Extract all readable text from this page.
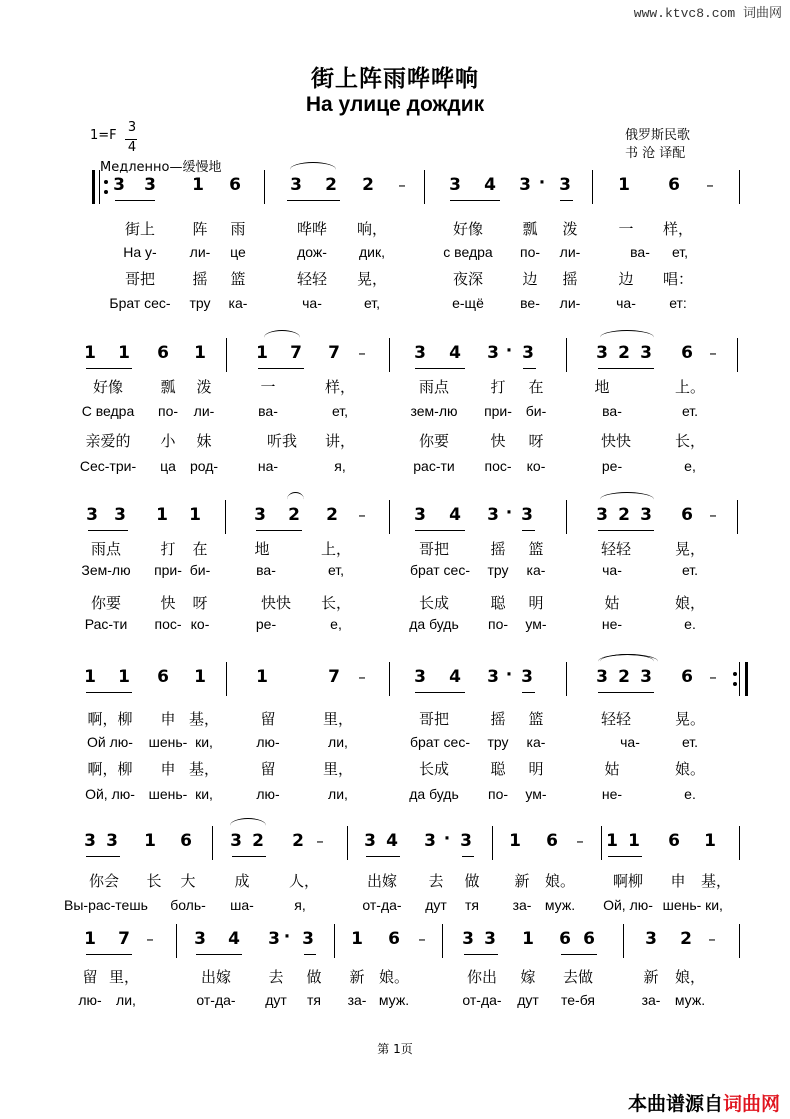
www.ktvc8.com 词曲网
街上阵雨哗哗响
На улице дождик
1=F
3
4
俄罗斯民歌
书 沧 译配
Медленно—缓慢地
3 3 1 6	3 2 2 –	3 4 3 3	1 6 –
·
街上	阵	雨	哗哗	响，	好像	瓢	泼	一	样，
На у-	ли-	це	дож-	дик,	с ведра	по-	ли-	ва-	ет,
哥把	摇	篮	轻轻	晃，	夜深	边	摇	边	唱：
Брат сес-	тру	ка-	ча-	ет,	е-щё	ве-	ли-	ча-	ет:
1 1 6 1	1 7 7 –	3 4 3 3	3 2 3 6 –
·
好像	瓢	泼	一	样，	雨点	打	在	地	上。
С ведра	по-	ли-	ва-	ет,	зем-лю	при- би-	ва-	ет.
亲爱的	小	妹	听我	讲，	你要	快	呀	快快	长，
Сес-три-	ца	род-	на-	я,	рас-ти	пос-	ко-	ре-	е,
3 3 1 1	3 2 2 –	3 4 3 3	3 2 3 6 –
·
雨点	打	在	地	上，	哥把	摇	篮	轻轻	晃，
Зем-лю	при- би-	ва-	ет,	брат сес-	тру	ка-	ча-	ет.
你要	快	呀	快快	长，	长成	聪	明	姑	娘，
Рас-ти	пос- ко-	ре-	е,	да будь	по-	ум-	не-	е.
1 1 6 1	1	7 –	3 4 3 3	3 2 3 6 –
·
啊，柳	申 基，	留	里，	哥把	摇	篮	轻轻	晃。
Ой лю-	шень- ки,	лю-	ли,	брат сес-	тру	ка-	ча-	ет.
啊，柳	申 基，	留	里，	长成	聪	明	姑	娘。
Ой, лю- шень- ки,	лю-	ли,	да будь	по-	ум-	не-	е.
3 3 1 6 3 2 2 – 3 4 3 3 1 6 – 1 1 6 1
·
你会	长	大	成	人，	出嫁	去	做	新	娘。	啊柳	申	基，
Вы-рас-тешь	боль-	ша-	я,	от-да-	дут	тя	за- муж.	Ой, лю- шень- ки,
1 7 – 3 4 3 3 1 6 – 3 3 1 6 6	3 2 –
·
留 里，	出嫁	去	做	新 娘。	你出	嫁	去做	新	娘，
лю-	ли,	от-да-	дут	тя	за- муж.	от-да-	дут	те-бя	за-	муж.
第 1页
本曲谱源自词曲网
